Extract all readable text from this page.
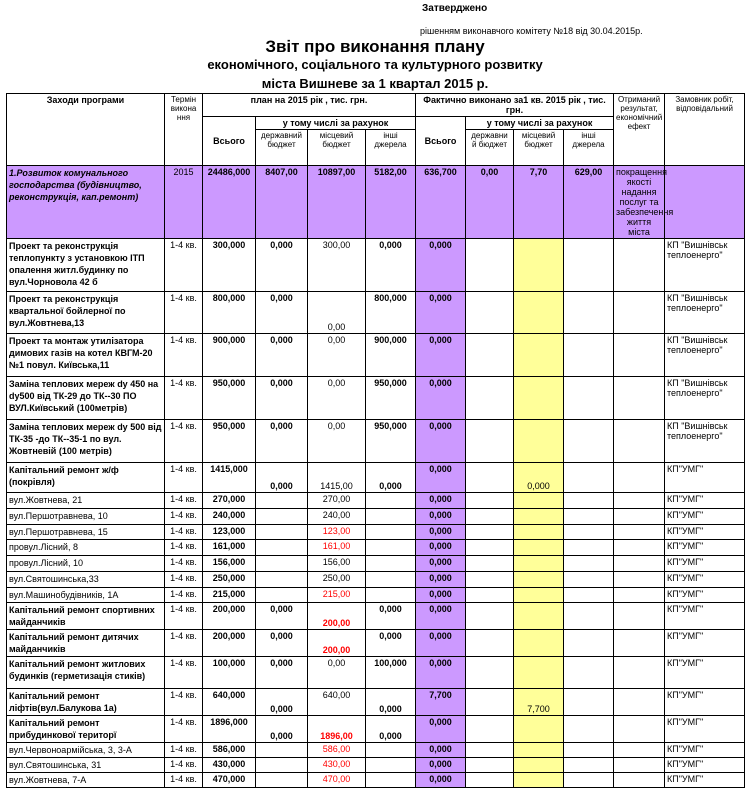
Затверджено
рішенням виконавчого комітету №18 від 30.04.2015р.
Звіт про виконання плану
економічного, соціального та культурного розвитку
міста Вишневе за 1 квартал 2015 р.
Заходи програми	Термін викона ння	план на 2015 рік , тис. грн.				Фактично виконано за1 кв. 2015 рік , тис. грн.				Отриманий результат, економічний ефект	Замовник робіт, відповідальний
		Всього	у тому числі за рахунок			Всього	у тому числі за рахунок				
			державний бюджет	місцевий бюджет	інші джерела		державни й бюджет	місцевий бюджет	інші джерела		
1.Розвиток комунального господарства (будівництво, реконструкція, кап.ремонт)	2015	24486,000	8407,00	10897,00	5182,00	636,700	0,00	7,70	629,00	покращення якості надання послуг та забезпечення життя міста	
Проект та реконструкція теплопункту з установкою ІТП опалення житл.будинку по вул.Чорновола 42 б	1-4 кв.	300,000	0,000	300,00	0,000	0,000					КП "Вишнівськ теплоенерго"
Проект та реконструкція квартальної бойлерної по вул.Жовтнева,13	1-4 кв.	800,000	0,000	0,00	800,000	0,000					КП "Вишнівськ теплоенерго"
Проект та монтаж утилізатора димових газів на котел КВГМ-20 №1 повул. Київська,11	1-4 кв.	900,000	0,000	0,00	900,000	0,000					КП "Вишнівськ теплоенерго"
Заміна теплових мереж dу 450 на dу500 від ТК-29 до ТК--30 ПО ВУЛ.Київський (100метрів)	1-4 кв.	950,000	0,000	0,00	950,000	0,000					КП "Вишнівськ теплоенерго"
Заміна теплових мереж dу 500 від ТК-35 -до ТК--35-1 по вул. Жовтневій (100 метрів)	1-4 кв.	950,000	0,000	0,00	950,000	0,000					КП "Вишнівськ теплоенерго"
Капітальний ремонт ж/ф (покрівля)	1-4 кв.	1415,000	0,000	1415,00	0,000	0,000		0,000			КП"УМГ"
вул.Жовтнева, 21	1-4 кв.	270,000		270,00		0,000					КП"УМГ"
вул.Першотравнева, 10	1-4 кв.	240,000		240,00		0,000					КП"УМГ"
вул.Першотравнева, 15	1-4 кв.	123,000		123,00		0,000					КП"УМГ"
провул.Лісний, 8	1-4 кв.	161,000		161,00		0,000					КП"УМГ"
провул.Лісний, 10	1-4 кв.	156,000		156,00		0,000					КП"УМГ"
вул.Святошинська,33	1-4 кв.	250,000		250,00		0,000					КП"УМГ"
вул.Машинобудівників, 1А	1-4 кв.	215,000		215,00		0,000					КП"УМГ"
Капітальний ремонт спортивних майданчиків	1-4 кв.	200,000	0,000	200,00	0,000	0,000					КП"УМГ"
Капітальний ремонт дитячих майданчиків	1-4 кв.	200,000	0,000	200,00	0,000	0,000					КП"УМГ"
Капітальний ремонт житлових будинків (герметизація стиків)	1-4 кв.	100,000	0,000	0,00	100,000	0,000					КП"УМГ"
Капітальний ремонт ліфтів(вул.Балукова 1а)	1-4 кв.	640,000	0,000	640,00	0,000	7,700		7,700			КП"УМГ"
Капітальний ремонт прибудинкової територї	1-4 кв.	1896,000	0,000	1896,00	0,000	0,000					КП"УМГ"
вул.Червоноармійська, 3, 3-А	1-4 кв.	586,000		586,00		0,000					КП"УМГ"
вул.Святошинська, 31	1-4 кв.	430,000		430,00		0,000					КП"УМГ"
вул.Жовтнева, 7-А	1-4 кв.	470,000		470,00		0,000					КП"УМГ"
